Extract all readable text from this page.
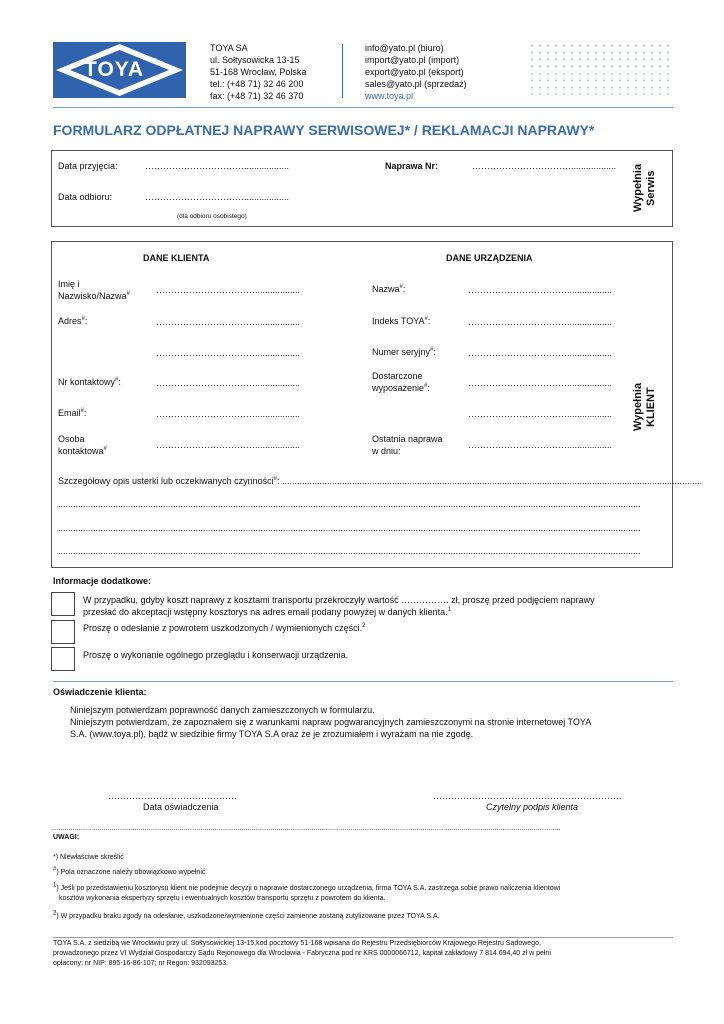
TOYA ®
TOYA SA
ul. Sołtysowicka 13-15
51-168 Wrocław, Polska
tel.: (+48 71) 32 46 200
fax: (+48 71) 32 46 370
info@yato.pl (biuro)
import@yato.pl (import)
export@yato.pl (eksport)
sales@yato.pl (sprzedaż)
www.toya.pl
FORMULARZ ODPŁATNEJ NAPRAWY SERWISOWEJ* / REKLAMACJI NAPRAWY*
Data przyjęcia:	……………………………..................	Naprawa Nr:	……………………………..................
Data odbioru:	……………………………..................
(dla odbioru osobistego)
Wypełnia
Serwis
DANE KLIENTA	DANE URZĄDZENIA
Imię i
Nazwisko/Nazwa#	……………………………..................
Adres#:	……………………………..................
……………………………..................
Nr kontaktowy#:	……………………………..................
Email#:	……………………………..................
Osoba
kontaktowa#	……………………………..................
Nazwa#:	……………………………..................
Indeks TOYA#:	……………………………..................
Numer seryjny#:	……………………………..................
Dostarczone
wyposażenie#:	……………………………..................
……………………………..................
Ostatnia naprawa
w dniu:
……………………………..................
Szczegółowy opis usterki lub oczekiwanych czynności#: ........................................................................................................................................................................
.........................................................................................................................................................................................................................................
.........................................................................................................................................................................................................................................
.........................................................................................................................................................................................................................................
Wypełnia
KLIENT
Informacje dodatkowe:
W przypadku, gdyby koszt naprawy z kosztami transportu przekroczyły wartość ……………. zł, proszę przed podjęciem naprawy
przesłać do akceptacji wstępny kosztorys na adres email podany powyżej w danych klienta.$^1$
Proszę o odesłanie z powrotem uszkodzonych / wymienionych części.$^2$
Proszę o wykonanie ogólnego przeglądu i konserwacji urządzenia.
Oświadczenie klienta:
Niniejszym potwierdzam poprawność danych zamieszczonych w formularzu.
Niniejszym potwierdzam, że zapoznałem się z warunkami napraw pogwarancyjnych zamieszczonymi na stronie internetowej TOYA
S.A. (www.toya.pl), bądź w siedzibie firmy TOYA S.A oraz że je zrozumiałem i wyrażam na nie zgodę.
…………………………………….
Data oświadczenia
………………………………………………………
Czytelny podpis klienta
......................................................................................................................................................................................................................................................................
UWAGI:
*) Niewłaściwe skreślić
#) Pola oznaczone należy obowiązkowo wypełnić
$^1$) Jeśli po przedstawieniu kosztorysu klient nie podejmie decyzji o naprawie dostarczonego urządzenia, firma TOYA S.A. zastrzega sobie prawo naliczenia klientowi
kosztów wykonania ekspertyzy sprzętu i ewentualnych kosztów transportu sprzętu z powrotem do klienta.
$^2$) W przypadku braku zgody na odesłanie, uszkodzone/wymienione części zamienne zostaną zutylizowane przez TOYA S.A.
TOYA S.A. z siedzibą we Wrocławiu przy ul. Sołtysowickiej 13-15,kod pocztowy 51-168 wpisana do Rejestru Przedsiębiorców Krajowego Rejestru Sądowego,
prowadzonego przez VI Wydział Gospodarczy Sądu Rejonowego dla Wrocławia - Fabryczna pod nr KRS 0000066712, kapitał zakładowy 7 814 694,40 zł w pełni
opłacony; nr NIP: 895-16-86-107; nr Regon: 932093253.
